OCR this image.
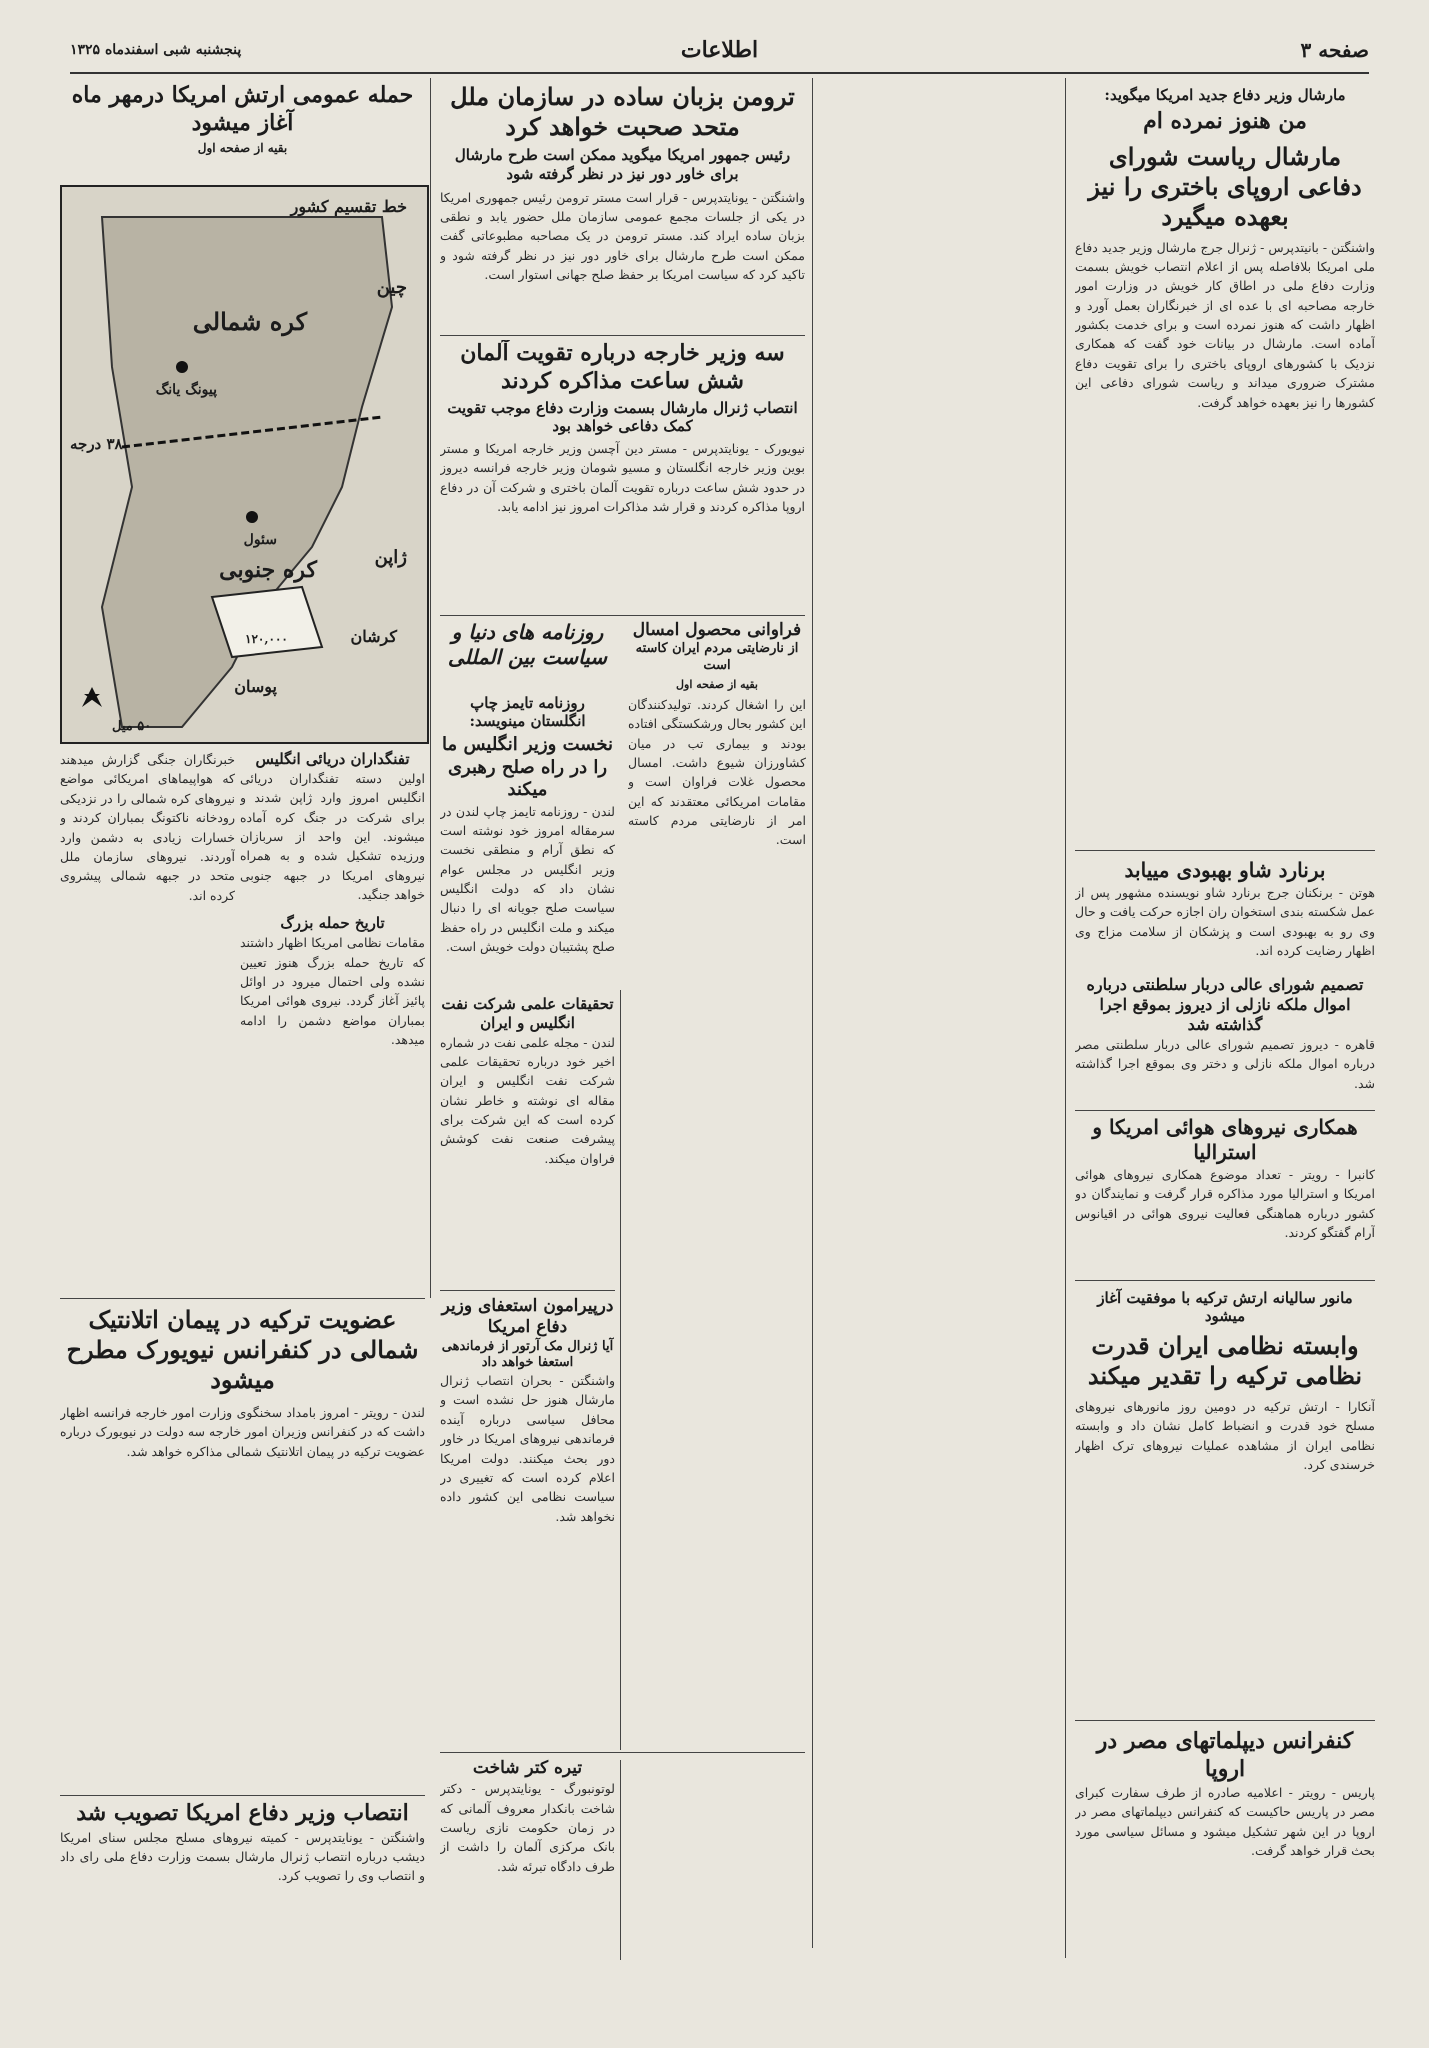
صفحه ۳
اطلاعات
پنجشنبه شبی اسفندماه ۱۳۲۵
مارشال وزیر دفاع جدید امریکا میگوید:
من هنوز نمرده ام
مارشال ریاست شورای دفاعی اروپای باختری را نیز بعهده میگیرد
واشنگتن - بانیتدپرس - ژنرال جرج مارشال وزیر جدید دفاع ملی امریکا بلافاصله پس از اعلام انتصاب خویش بسمت وزارت دفاع ملی در اطاق کار خویش در وزارت امور خارجه مصاحبه ای با عده ای از خبرنگاران بعمل آورد و اظهار داشت که هنوز نمرده است و برای خدمت بکشور آماده است. مارشال در بیانات خود گفت که همکاری نزدیک با کشورهای اروپای باختری را برای تقویت دفاع مشترک ضروری میداند و ریاست شورای دفاعی این کشورها را نیز بعهده خواهد گرفت.
برنارد شاو بهبودی مییابد
هوتن - برنکنان جرج برنارد شاو نویسنده مشهور پس از عمل شکسته بندی استخوان ران اجازه حرکت یافت و حال وی رو به بهبودی است و پزشکان از سلامت مزاج وی اظهار رضایت کرده اند.
تصمیم شورای عالی دربار سلطنتی درباره اموال ملکه نازلی از دیروز بموقع اجرا گذاشته شد
قاهره - دیروز تصمیم شورای عالی دربار سلطنتی مصر درباره اموال ملکه نازلی و دختر وی بموقع اجرا گذاشته شد.
همکاری نیروهای هوائی امریکا و استرالیا
کانبرا - رویتر - تعداد موضوع همکاری نیروهای هوائی امریکا و استرالیا مورد مذاکره قرار گرفت و نمایندگان دو کشور درباره هماهنگی فعالیت نیروی هوائی در اقیانوس آرام گفتگو کردند.
مانور سالیانه ارتش ترکیه با موفقیت آغاز میشود
وابسته نظامی ایران قدرت نظامی ترکیه را تقدیر میکند
آنکارا - ارتش ترکیه در دومین روز مانورهای نیروهای مسلح خود قدرت و انضباط کامل نشان داد و وابسته نظامی ایران از مشاهده عملیات نیروهای ترک اظهار خرسندی کرد.
کنفرانس دیپلماتهای مصر در اروپا
پاریس - رویتر - اعلامیه صادره از طرف سفارت کبرای مصر در پاریس حاکیست که کنفرانس دیپلماتهای مصر در اروپا در این شهر تشکیل میشود و مسائل سیاسی مورد بحث قرار خواهد گرفت.
ترومن بزبان ساده در سازمان ملل متحد صحبت خواهد کرد
رئیس جمهور امریکا میگوید ممکن است طرح مارشال برای خاور دور نیز در نظر گرفته شود
واشنگتن - یونایتدپرس - قرار است مستر ترومن رئیس جمهوری امریکا در یکی از جلسات مجمع عمومی سازمان ملل حضور یابد و نطقی بزبان ساده ایراد کند. مستر ترومن در یک مصاحبه مطبوعاتی گفت ممکن است طرح مارشال برای خاور دور نیز در نظر گرفته شود و تاکید کرد که سیاست امریکا بر حفظ صلح جهانی استوار است.
سه وزیر خارجه درباره تقویت آلمان شش ساعت مذاکره کردند
انتصاب ژنرال مارشال بسمت وزارت دفاع موجب تقویت کمک دفاعی خواهد بود
نیویورک - یونایتدپرس - مستر دین آچسن وزیر خارجه امریکا و مستر بوین وزیر خارجه انگلستان و مسیو شومان وزیر خارجه فرانسه دیروز در حدود شش ساعت درباره تقویت آلمان باختری و شرکت آن در دفاع اروپا مذاکره کردند و قرار شد مذاکرات امروز نیز ادامه یابد.
فراوانی محصول امسال
از نارضایتی مردم ایران کاسته است
بقیه از صفحه اول
این را اشغال کردند. تولیدکنندگان این کشور بحال ورشکستگی افتاده بودند و بیماری تب در میان کشاورزان شیوع داشت. امسال محصول غلات فراوان است و مقامات امریکائی معتقدند که این امر از نارضایتی مردم کاسته است.
روزنامه های دنیا و سیاست بین المللی
روزنامه تایمز چاپ انگلستان مینویسد:
نخست وزیر انگلیس ما را در راه صلح رهبری میکند
لندن - روزنامه تایمز چاپ لندن در سرمقاله امروز خود نوشته است که نطق آرام و منطقی نخست وزیر انگلیس در مجلس عوام نشان داد که دولت انگلیس سیاست صلح جویانه ای را دنبال میکند و ملت انگلیس در راه حفظ صلح پشتیبان دولت خویش است.
تحقیقات علمی شرکت نفت انگلیس و ایران
لندن - مجله علمی نفت در شماره اخیر خود درباره تحقیقات علمی شرکت نفت انگلیس و ایران مقاله ای نوشته و خاطر نشان کرده است که این شرکت برای پیشرفت صنعت نفت کوشش فراوان میکند.
درپیرامون استعفای وزیر دفاع امریکا
آیا ژنرال مک آرتور از فرماندهی استعفا خواهد داد
واشنگتن - بحران انتصاب ژنرال مارشال هنوز حل نشده است و محافل سیاسی درباره آینده فرماندهی نیروهای امریکا در خاور دور بحث میکنند. دولت امریکا اعلام کرده است که تغییری در سیاست نظامی این کشور داده نخواهد شد.
تیره کتر شاخت
لوتونبورگ - یونایتدپرس - دکتر شاخت بانکدار معروف آلمانی که در زمان حکومت نازی ریاست بانک مرکزی آلمان را داشت از طرف دادگاه تبرئه شد.
حمله عمومی ارتش امریکا درمهر ماه آغاز میشود
بقیه از صفحه اول
خط تقسیم کشور
چین
کره شمالی
پیونگ یانگ
سئول
کره جنوبی	ژاپن
۳۸ درجه
پوسان
کرشان
۵۰ میل
۱۲۰,۰۰۰
تفنگداران دریائی انگلیس
اولین دسته تفنگداران دریائی انگلیس امروز وارد ژاپن شدند و برای شرکت در جنگ کره آماده میشوند. این واحد از سربازان ورزیده تشکیل شده و به همراه نیروهای امریکا در جبهه جنوبی خواهد جنگید.
تاریخ حمله بزرگ
مقامات نظامی امریکا اظهار داشتند که تاریخ حمله بزرگ هنوز تعیین نشده ولی احتمال میرود در اوائل پائیز آغاز گردد. نیروی هوائی امریکا بمباران مواضع دشمن را ادامه میدهد.
خبرنگاران جنگی گزارش میدهند که هواپیماهای امریکائی مواضع نیروهای کره شمالی را در نزدیکی رودخانه ناکتونگ بمباران کردند و خسارات زیادی به دشمن وارد آوردند. نیروهای سازمان ملل متحد در جبهه شمالی پیشروی کرده اند.
عضویت ترکیه در پیمان اتلانتیک شمالی در کنفرانس نیویورک مطرح میشود
لندن - رویتر - امروز بامداد سخنگوی وزارت امور خارجه فرانسه اظهار داشت که در کنفرانس وزیران امور خارجه سه دولت در نیویورک درباره عضویت ترکیه در پیمان اتلانتیک شمالی مذاکره خواهد شد.
انتصاب وزیر دفاع امریکا تصویب شد
واشنگتن - یونایتدپرس - کمیته نیروهای مسلح مجلس سنای امریکا دیشب درباره انتصاب ژنرال مارشال بسمت وزارت دفاع ملی رای داد و انتصاب وی را تصویب کرد.
